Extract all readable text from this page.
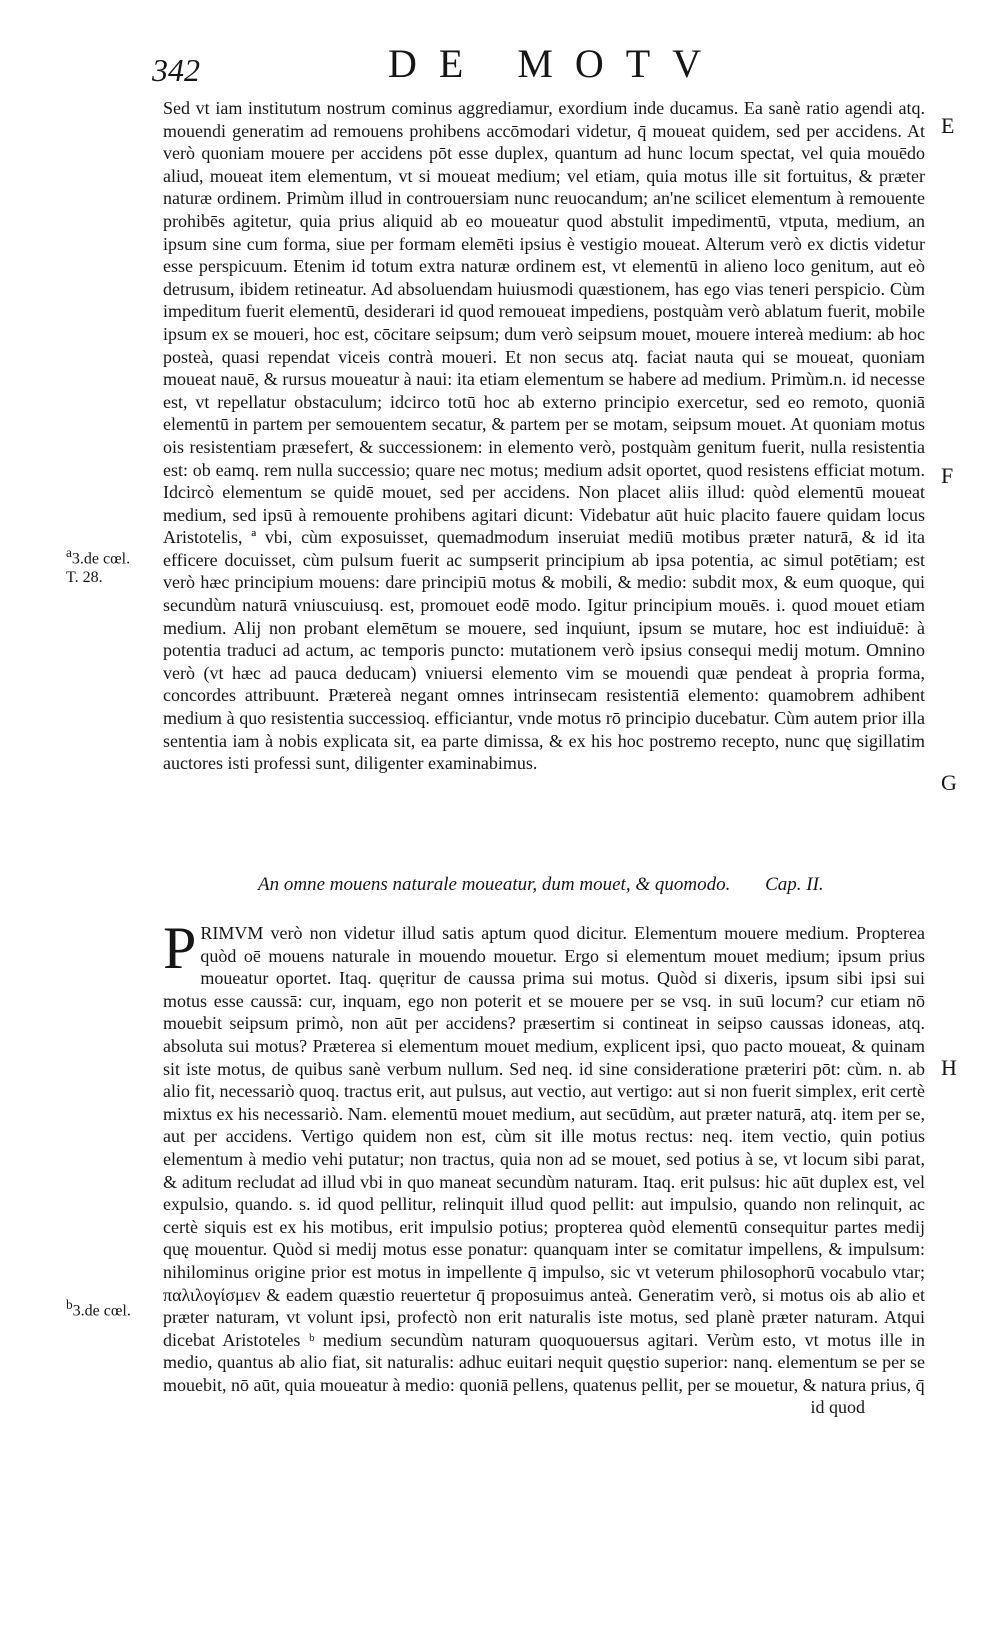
342	DE MOTV

Sed vt iam institutum nostrum cominus aggrediamur, exordium inde ducamus. Ea sanè ratio agendi atq. mouendi generatim ad remouens prohibens accōmodari videtur, q̄ moueat quidem, sed per accidens. At verò quoniam mouere per accidens pōt esse duplex, quantum ad hunc locum spectat, vel quia mouēdo aliud, moueat item elementum, vt si moueat medium; vel etiam, quia motus ille sit fortuitus, & præter naturæ ordinem. Primùm illud in controuersiam nunc reuocandum; an'ne scilicet elementum à remouente prohibēs agitetur, quia prius aliquid ab eo moueatur quod abstulit impedimentū, vtputa, medium, an ipsum sine cum forma, siue per formam elemēti ipsius è vestigio moueat. Alterum verò ex dictis videtur esse perspicuum. Etenim id totum extra naturæ ordinem est, vt elementū in alieno loco genitum, aut eò detrusum, ibidem retineatur. Ad absoluendam huiusmodi quæstionem, has ego vias teneri perspicio. Cùm impeditum fuerit elementū, desiderari id quod remoueat impediens, postquàm verò ablatum fuerit, mobile ipsum ex se moueri, hoc est, cōcitare seipsum; dum verò seipsum mouet, mouere intereà medium: ab hoc posteà, quasi rependat viceis contrà moueri. Et non secus atq. faciat nauta qui se moueat, quoniam moueat nauē, & rursus moueatur à naui: ita etiam elementum se habere ad medium. Primùm.n. id necesse est, vt repellatur obstaculum; idcirco totū hoc ab externo principio exercetur, sed eo remoto, quoniā elementū in partem per semouentem secatur, & partem per se motam, seipsum mouet. At quoniam motus ois resistentiam præsefert, & successionem: in elemento verò, postquàm genitum fuerit, nulla resistentia est: ob eamq. rem nulla successio; quare nec motus; medium adsit oportet, quod resistens efficiat motum. Idcircò elementum se quidē mouet, sed per accidens. Non placet aliis illud: quòd elementū moueat medium, sed ipsū à remouente prohibens agitari dicunt: Videbatur aūt huic placito fauere quidam locus Aristotelis, ª vbi, cùm exposuisset, quemadmodum inseruiat mediū motibus præter naturā, & id ita efficere docuisset, cùm pulsum fuerit ac sumpserit principium ab ipsa potentia, ac simul potētiam; est verò hæc principium mouens: dare principiū motus & mobili, & medio: subdit mox, & eum quoque, qui secundùm naturā vniuscuiusq. est, promouet eodē modo. Igitur principium mouēs. i. quod mouet etiam medium. Alij non probant elemētum se mouere, sed inquiunt, ipsum se mutare, hoc est indiuiduē: à potentia traduci ad actum, ac temporis puncto: mutationem verò ipsius consequi medij motum. Omnino verò (vt hæc ad pauca deducam) vniuersi elemento vim se mouendi quæ pendeat à propria forma, concordes attribuunt. Prætereà negant omnes intrinsecam resistentiā elemento: quamobrem adhibent medium à quo resistentia successioq. efficiantur, vnde motus rō principio ducebatur. Cùm autem prior illa sententia iam à nobis explicata sit, ea parte dimissa, & ex his hoc postremo recepto, nunc quę sigillatim auctores isti professi sunt, diligenter examinabimus.

An omne mouens naturale moueatur, dum mouet, & quomodo. Cap. II.

PRIMVM verò non videtur illud satis aptum quod dicitur. Elementum mouere medium. Propterea quòd oē mouens naturale in mouendo mouetur. Ergo si elementum mouet medium; ipsum prius moueatur oportet. Itaq. quęritur de caussa prima sui motus. Quòd si dixeris, ipsum sibi ipsi sui motus esse caussā: cur, inquam, ego non poterit et se mouere per se vsq. in suū locum? cur etiam nō mouebit seipsum primò, non aūt per accidens? præsertim si contineat in seipso caussas idoneas, atq. absoluta sui motus? Præterea si elementum mouet medium, explicent ipsi, quo pacto moueat, & quinam sit iste motus, de quibus sanè verbum nullum. Sed neq. id sine consideratione præteriri pōt: cùm. n. ab alio fit, necessariò quoq. tractus erit, aut pulsus, aut vectio, aut vertigo: aut si non fuerit simplex, erit certè mixtus ex his necessariò. Nam. elementū mouet medium, aut secūdùm, aut præter naturā, atq. item per se, aut per accidens. Vertigo quidem non est, cùm sit ille motus rectus: neq. item vectio, quin potius elementum à medio vehi putatur; non tractus, quia non ad se mouet, sed potius à se, vt locum sibi parat, & aditum recludat ad illud vbi in quo maneat secundùm naturam. Itaq. erit pulsus: hic aūt duplex est, vel expulsio, quando. s. id quod pellitur, relinquit illud quod pellit: aut impulsio, quando non relinquit, ac certè siquis est ex his motibus, erit impulsio potius; propterea quòd elementū consequitur partes medij quę mouentur. Quòd si medij motus esse ponatur: quanquam inter se comitatur impellens, & impulsum: nihilominus origine prior est motus in impellente q̄ impulso, sic vt veterum philosophorū vocabulo vtar; παλιλογίσμεν & eadem quæstio reuertetur q̄ proposuimus anteà. Generatim verò, si motus ois ab alio et præter naturam, vt volunt ipsi, profectò non erit naturalis iste motus, sed planè præter naturam. Atqui dicebat Aristoteles ᵇ medium secundùm naturam quoquouersus agitari. Verùm esto, vt motus ille in medio, quantus ab alio fiat, sit naturalis: adhuc euitari nequit quęstio superior: nanq. elementum se per se mouebit, nō aūt, quia moueatur à medio: quoniā pellens, quatenus pellit, per se mouetur, & natura prius, q̄

id quod
$^a$3.de cœl.
T. 28.
$^b$3.de cœl.
E
F
G
H
